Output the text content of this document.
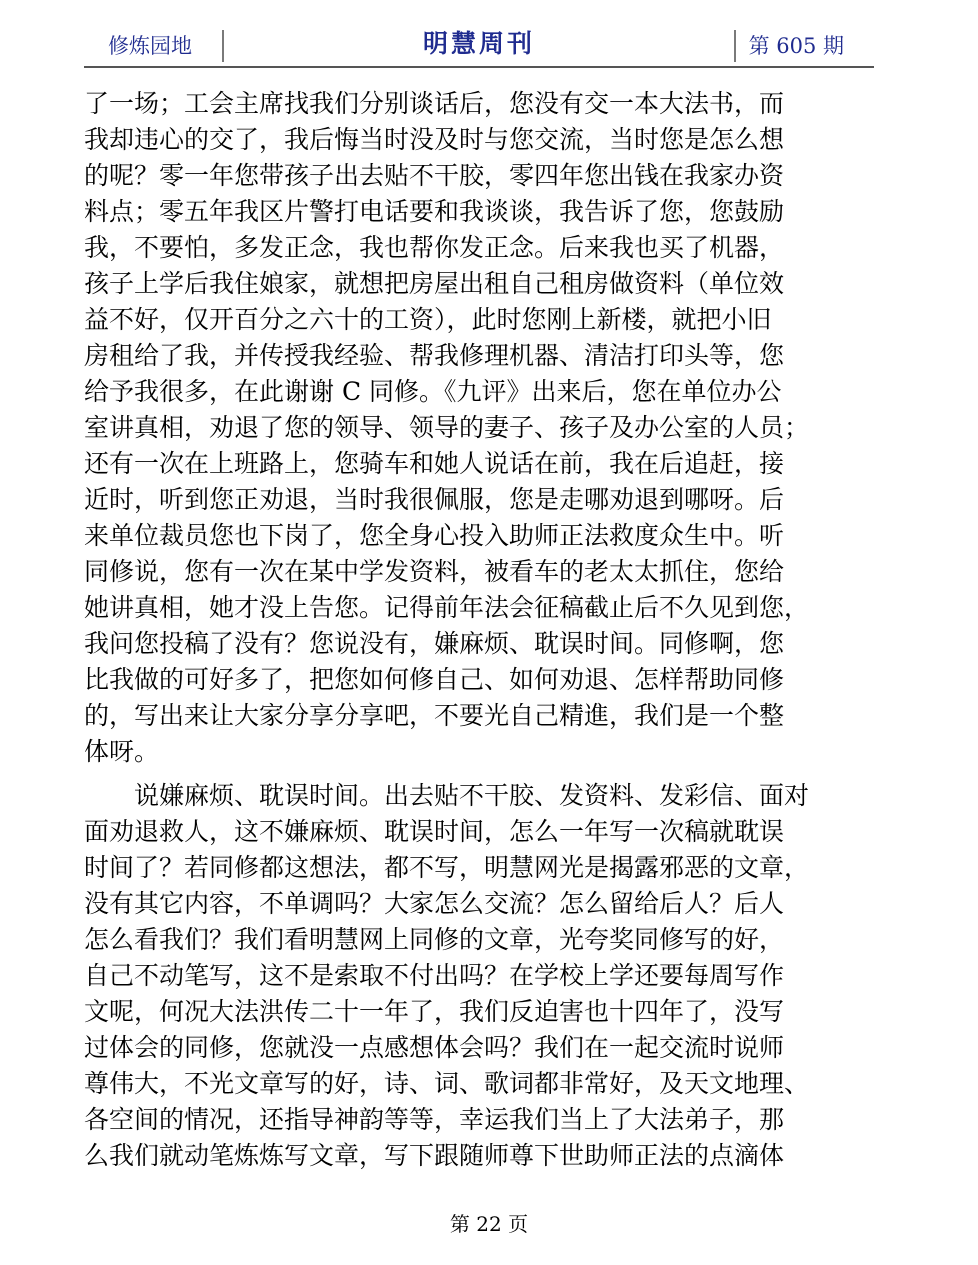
修炼园地	明慧周刊	第 605 期
了一场；工会主席找我们分别谈话后，您没有交一本大法书，而
我却违心的交了，我后悔当时没及时与您交流，当时您是怎么想
的呢？零一年您带孩子出去贴不干胶，零四年您出钱在我家办资
料点；零五年我区片警打电话要和我谈谈，我告诉了您，您鼓励
我，不要怕，多发正念，我也帮你发正念。后来我也买了机器，
孩子上学后我住娘家，就想把房屋出租自己租房做资料（单位效
益不好，仅开百分之六十的工资），此时您刚上新楼，就把小旧
房租给了我，并传授我经验、帮我修理机器、清洁打印头等，您
给予我很多，在此谢谢 C 同修。《九评》出来后，您在单位办公
室讲真相，劝退了您的领导、领导的妻子、孩子及办公室的人员；
还有一次在上班路上，您骑车和她人说话在前，我在后追赶，接
近时，听到您正劝退，当时我很佩服，您是走哪劝退到哪呀。后
来单位裁员您也下岗了，您全身心投入助师正法救度众生中。听
同修说，您有一次在某中学发资料，被看车的老太太抓住，您给
她讲真相，她才没上告您。记得前年法会征稿截止后不久见到您，
我问您投稿了没有？您说没有，嫌麻烦、耽误时间。同修啊，您
比我做的可好多了，把您如何修自己、如何劝退、怎样帮助同修
的，写出来让大家分享分享吧，不要光自己精進，我们是一个整
体呀。
说嫌麻烦、耽误时间。出去贴不干胶、发资料、发彩信、面对
面劝退救人，这不嫌麻烦、耽误时间，怎么一年写一次稿就耽误
时间了？若同修都这想法，都不写，明慧网光是揭露邪恶的文章，
没有其它内容，不单调吗？大家怎么交流？怎么留给后人？后人
怎么看我们？我们看明慧网上同修的文章，光夸奖同修写的好，
自己不动笔写，这不是索取不付出吗？在学校上学还要每周写作
文呢，何况大法洪传二十一年了，我们反迫害也十四年了，没写
过体会的同修，您就没一点感想体会吗？我们在一起交流时说师
尊伟大，不光文章写的好，诗、词、歌词都非常好，及天文地理、
各空间的情况，还指导神韵等等，幸运我们当上了大法弟子，那
么我们就动笔炼炼写文章，写下跟随师尊下世助师正法的点滴体
第 22 页
